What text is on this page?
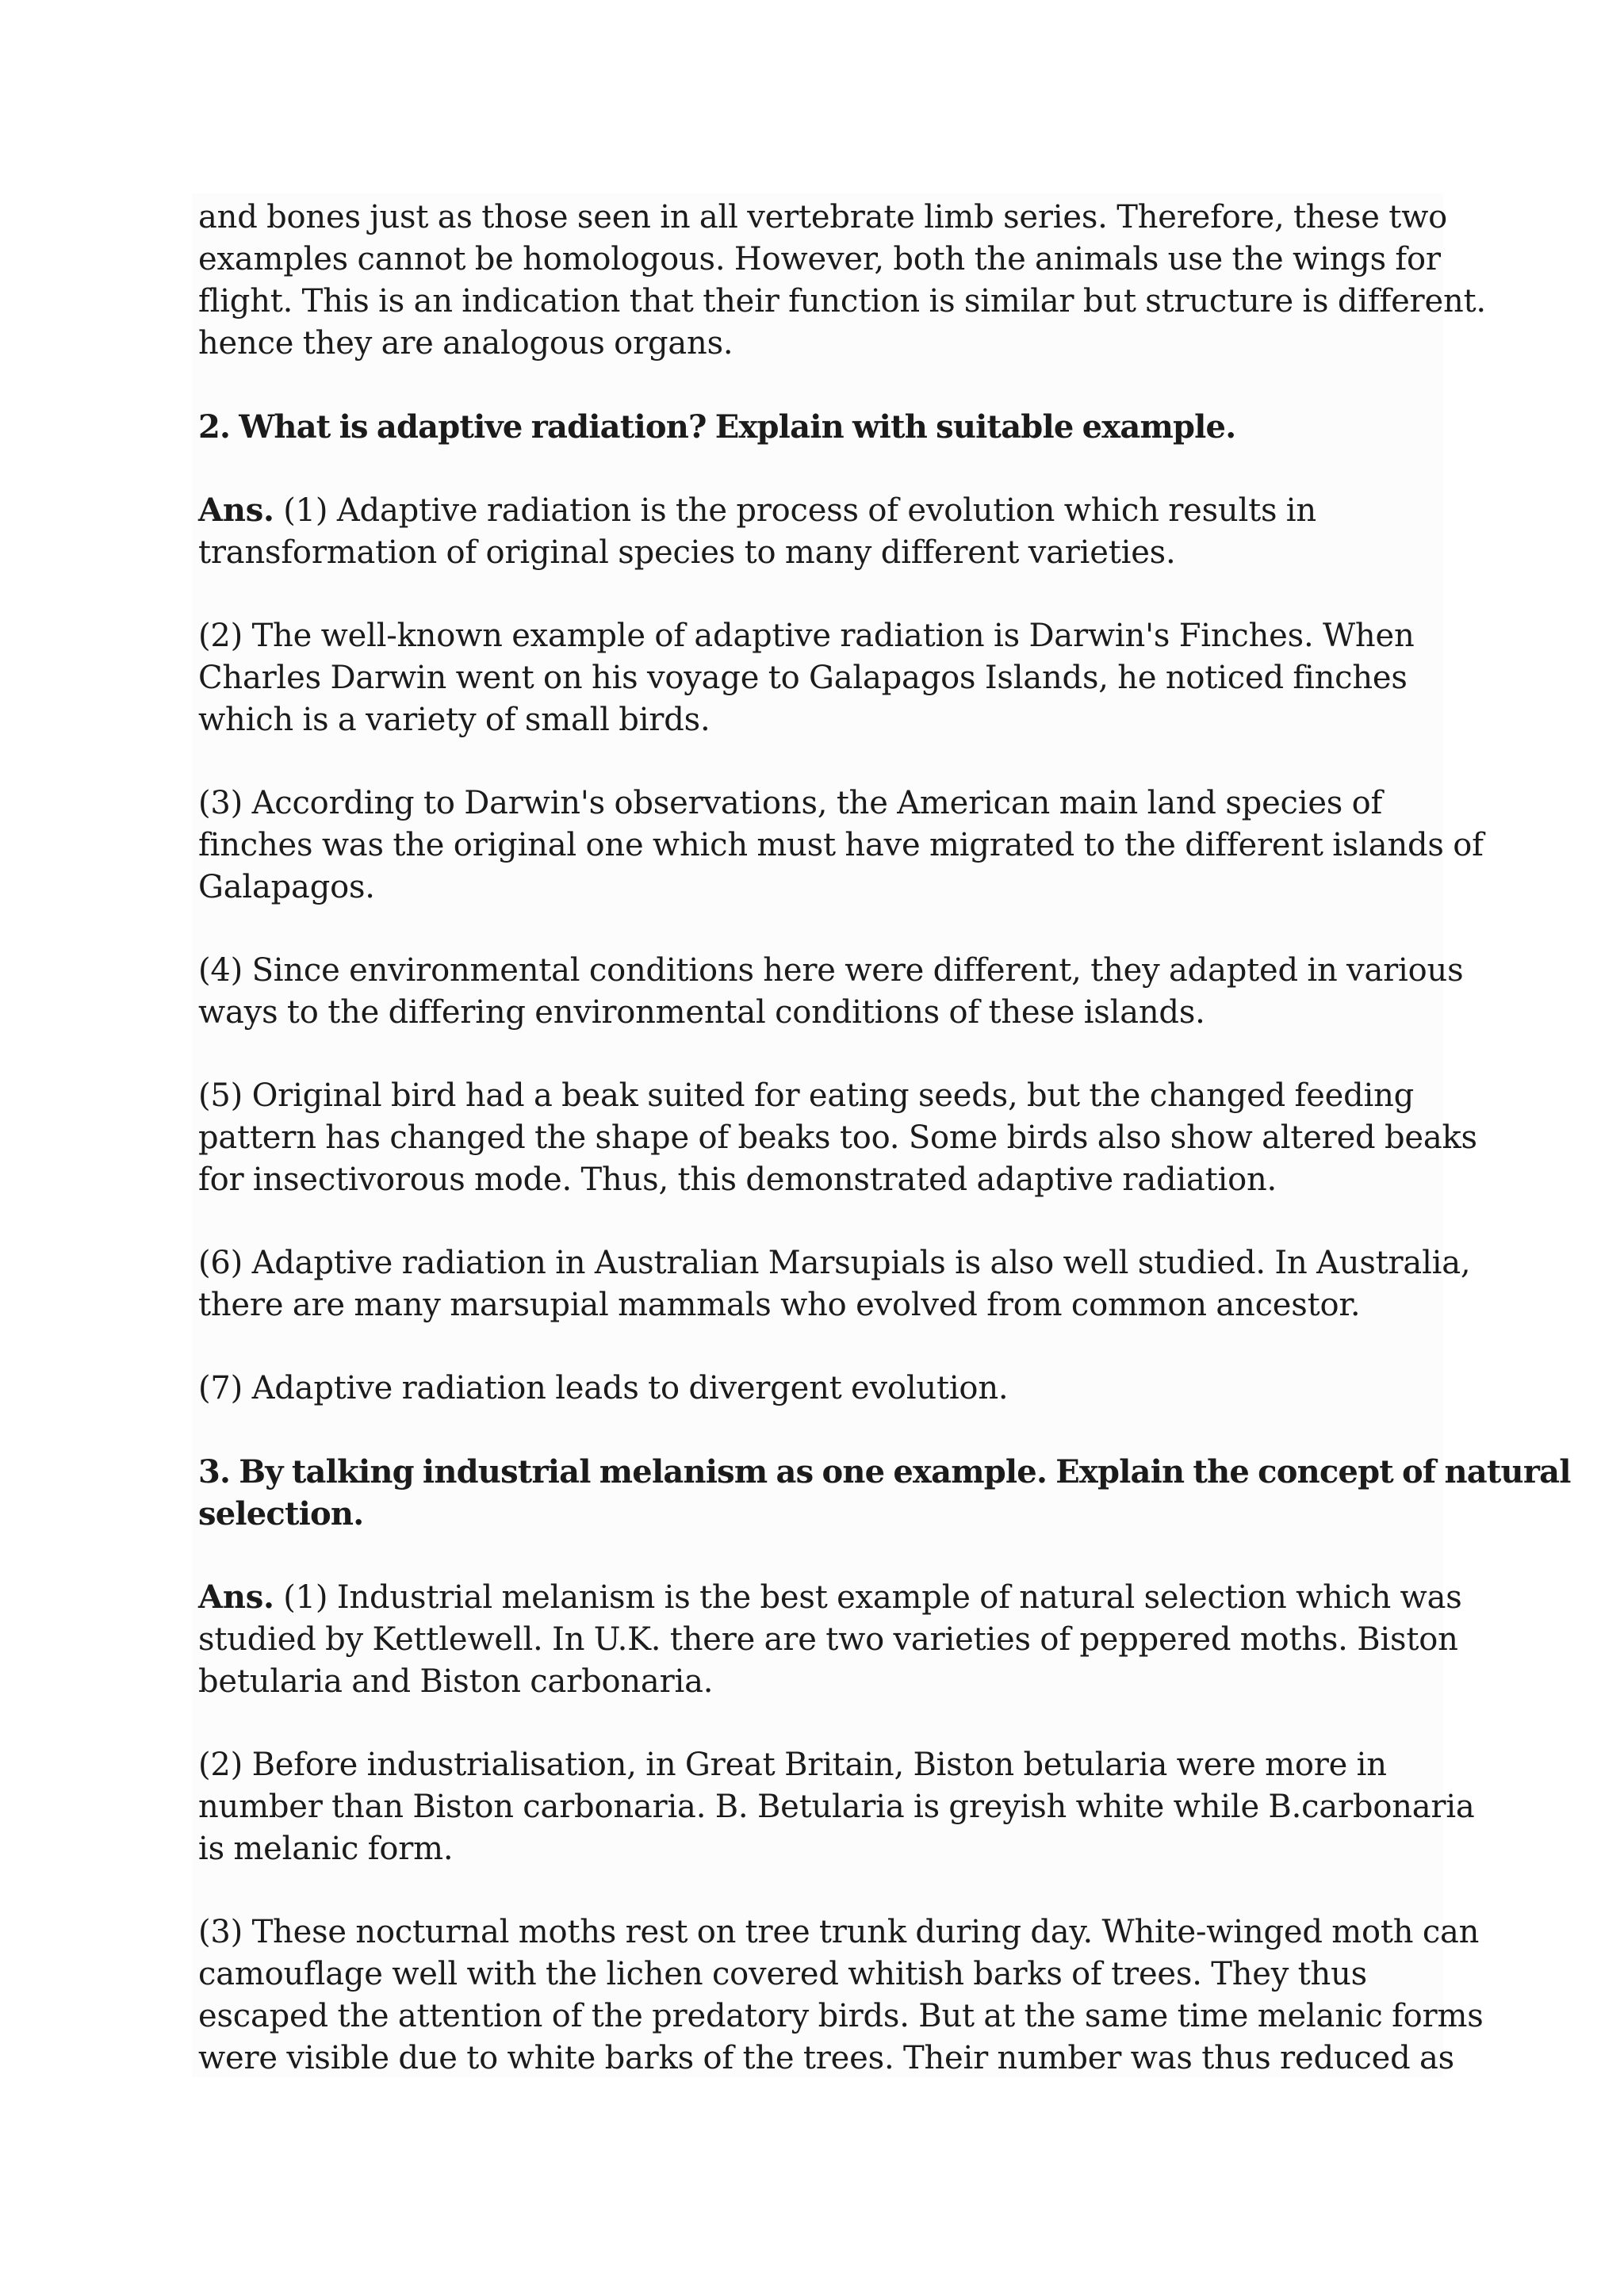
and bones just as those seen in all vertebrate limb series. Therefore, these two
examples cannot be homologous. However, both the animals use the wings for
flight. This is an indication that their function is similar but structure is different.
hence they are analogous organs.

2. What is adaptive radiation? Explain with suitable example.

Ans. (1) Adaptive radiation is the process of evolution which results in
transformation of original species to many different varieties.

(2) The well-known example of adaptive radiation is Darwin's Finches. When
Charles Darwin went on his voyage to Galapagos Islands, he noticed finches
which is a variety of small birds.

(3) According to Darwin's observations, the American main land species of
finches was the original one which must have migrated to the different islands of
Galapagos.

(4) Since environmental conditions here were different, they adapted in various
ways to the differing environmental conditions of these islands.

(5) Original bird had a beak suited for eating seeds, but the changed feeding
pattern has changed the shape of beaks too. Some birds also show altered beaks
for insectivorous mode. Thus, this demonstrated adaptive radiation.

(6) Adaptive radiation in Australian Marsupials is also well studied. In Australia,
there are many marsupial mammals who evolved from common ancestor.

(7) Adaptive radiation leads to divergent evolution.

3. By talking industrial melanism as one example. Explain the concept of natural
selection.

Ans. (1) Industrial melanism is the best example of natural selection which was
studied by Kettlewell. In U.K. there are two varieties of peppered moths. Biston
betularia and Biston carbonaria.

(2) Before industrialisation, in Great Britain, Biston betularia were more in
number than Biston carbonaria. B. Betularia is greyish white while B.carbonaria
is melanic form.

(3) These nocturnal moths rest on tree trunk during day. White-winged moth can
camouflage well with the lichen covered whitish barks of trees. They thus
escaped the attention of the predatory birds. But at the same time melanic forms
were visible due to white barks of the trees. Their number was thus reduced as
